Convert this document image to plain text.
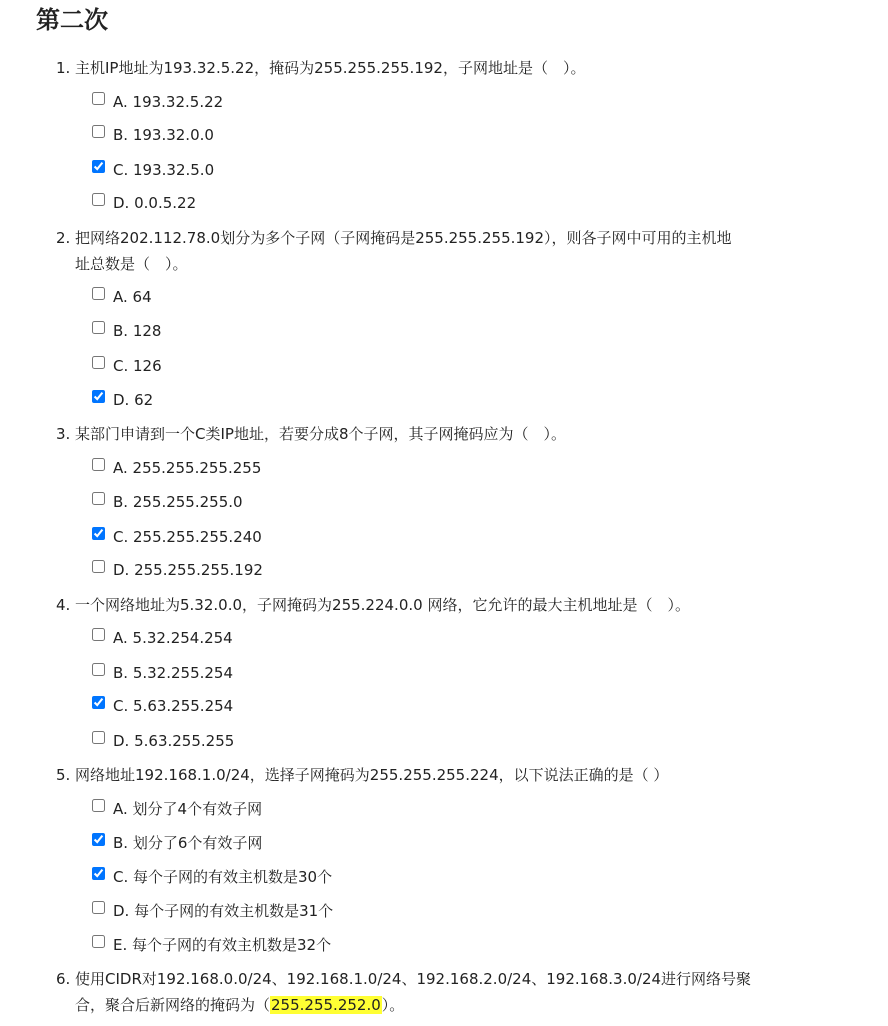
第二次
1. 主机IP地址为193.32.5.22，掩码为255.255.255.192，子网地址是（　）。
A. 193.32.5.22
B. 193.32.0.0
C. 193.32.5.0
D. 0.0.5.22
2. 把网络202.112.78.0划分为多个子网（子网掩码是255.255.255.192），则各子网中可用的主机地
址总数是（　）。
A. 64
B. 128
C. 126
D. 62
3. 某部门申请到一个C类IP地址，若要分成8个子网，其子网掩码应为（　）。
A. 255.255.255.255
B. 255.255.255.0
C. 255.255.255.240
D. 255.255.255.192
4. 一个网络地址为5.32.0.0，子网掩码为255.224.0.0 网络，它允许的最大主机地址是（　）。
A. 5.32.254.254
B. 5.32.255.254
C. 5.63.255.254
D. 5.63.255.255
5. 网络地址192.168.1.0/24，选择子网掩码为255.255.255.224，以下说法正确的是（ ）
A. 划分了4个有效子网
B. 划分了6个有效子网
C. 每个子网的有效主机数是30个
D. 每个子网的有效主机数是31个
E. 每个子网的有效主机数是32个
6. 使用CIDR对192.168.0.0/24、192.168.1.0/24、192.168.2.0/24、192.168.3.0/24进行网络号聚
合，聚合后新网络的掩码为（255.255.252.0）。
